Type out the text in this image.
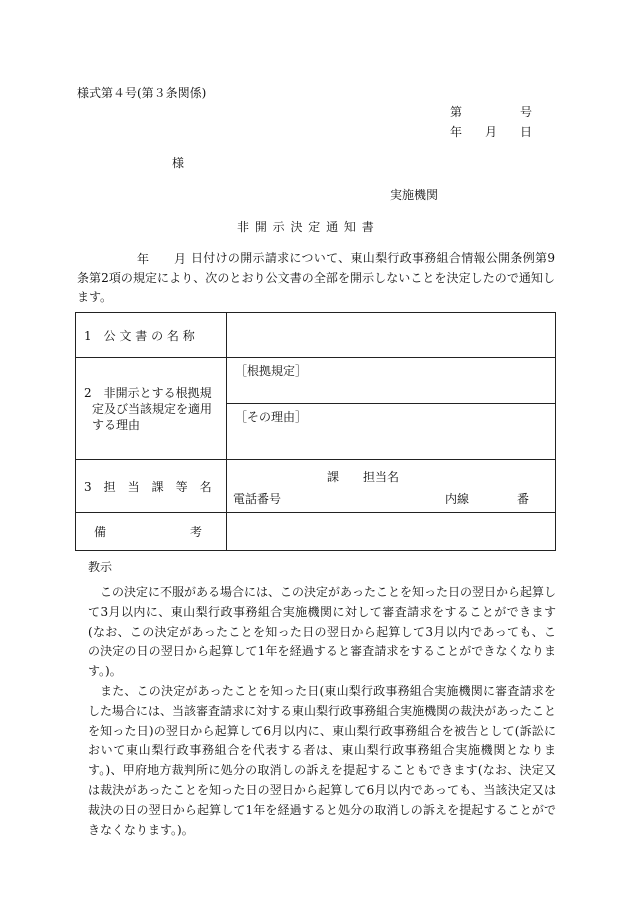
様式第４号(第３条関係)
第	号
年 月 日
様
実施機関
非 開 示 決 定 通 知 書
年 月 日付けの開示請求について、東山梨行政事務組合情報公開条例第9条第2項の規定により、次のとおり公文書の全部を開示しないことを決定したので通知します。
1　公 文 書 の 名 称	

2　非開示とする根拠規
定及び当該規定を適用
する理由	［根拠規定］
	［その理由］
3　担　当　課　等　名	課 担当名
電話番号 内線 番

備　　　　　　　考	
教示

この決定に不服がある場合には、この決定があったことを知った日の翌日から起算して3月以内に、東山梨行政事務組合実施機関に対して審査請求をすることができます(なお、この決定があったことを知った日の翌日から起算して3月以内であっても、この決定の日の翌日から起算して1年を経過すると審査請求をすることができなくなります。)。

また、この決定があったことを知った日(東山梨行政事務組合実施機関に審査請求をした場合には、当該審査請求に対する東山梨行政事務組合実施機関の裁決があったことを知った日)の翌日から起算して6月以内に、東山梨行政事務組合を被告として(訴訟において東山梨行政事務組合を代表する者は、東山梨行政事務組合実施機関となります。)、甲府地方裁判所に処分の取消しの訴えを提起することもできます(なお、決定又は裁決があったことを知った日の翌日から起算して6月以内であっても、当該決定又は裁決の日の翌日から起算して1年を経過すると処分の取消しの訴えを提起することができなくなります。)。
